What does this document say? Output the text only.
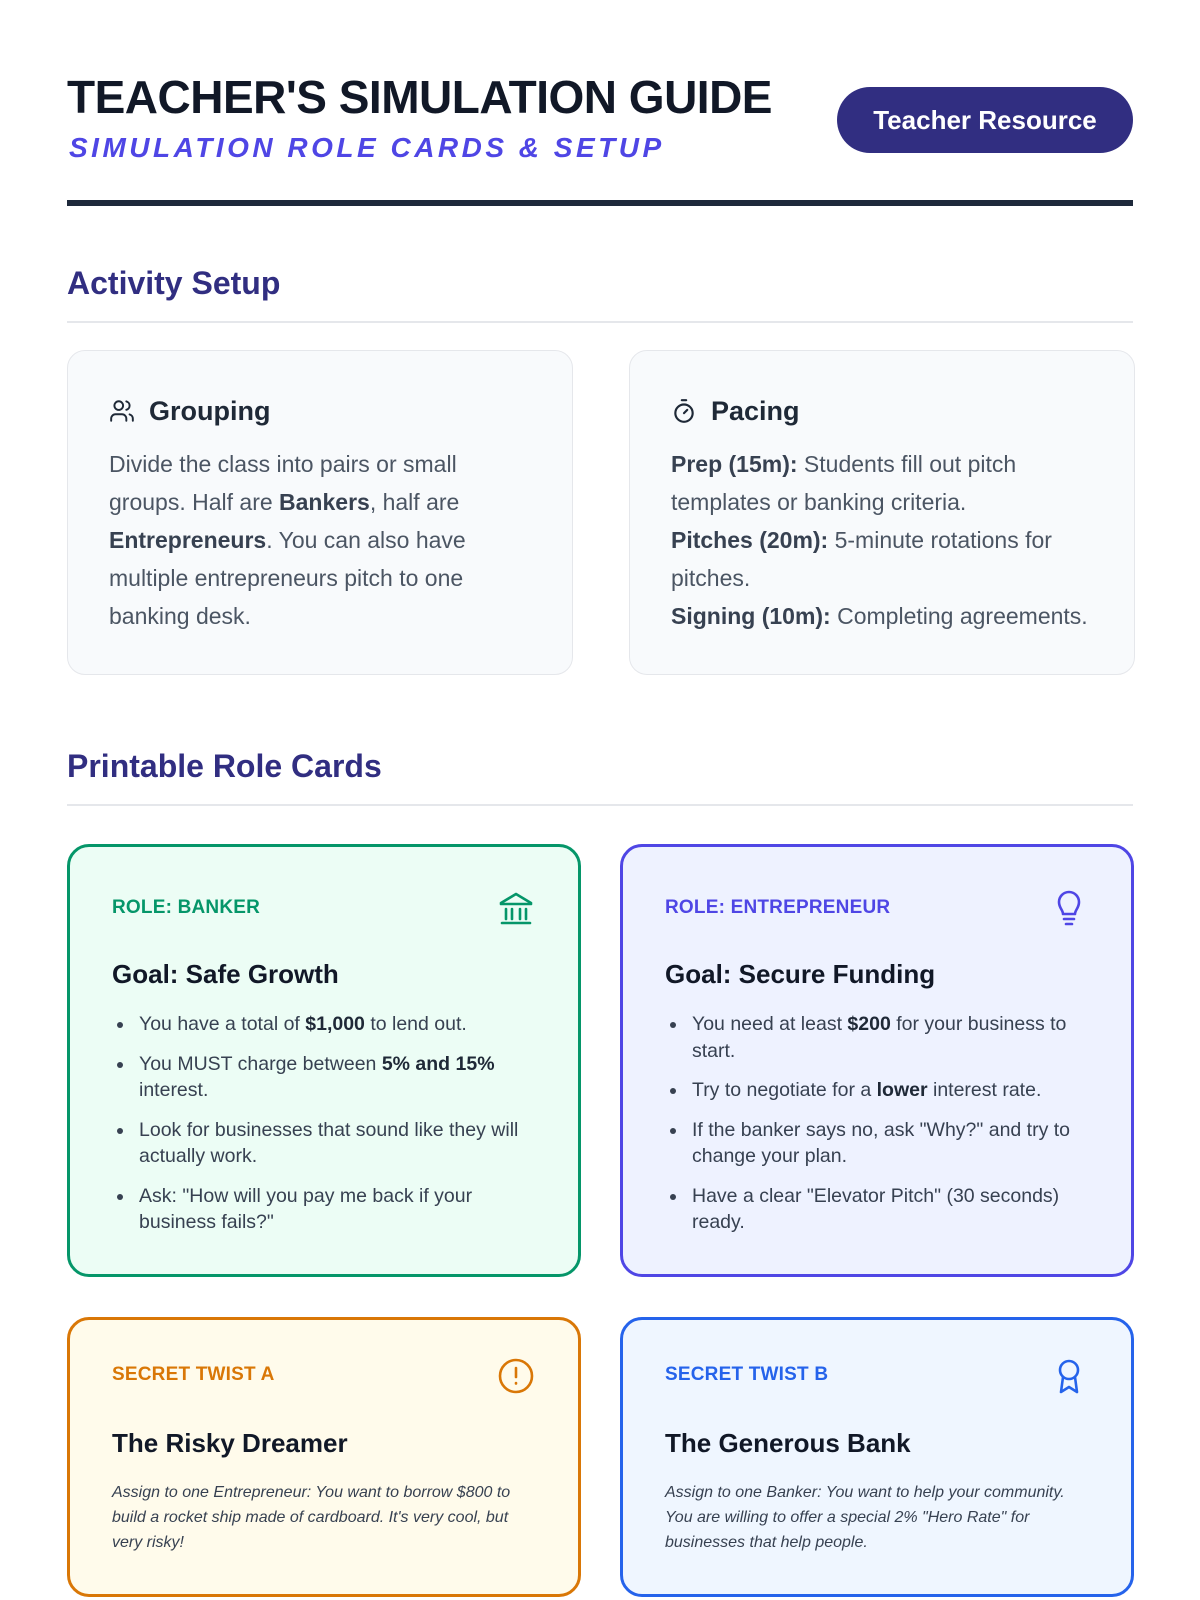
TEACHER'S SIMULATION GUIDE
SIMULATION ROLE CARDS & SETUP
Teacher Resource
Activity Setup
Grouping
Divide the class into pairs or small groups. Half are Bankers, half are Entrepreneurs. You can also have multiple entrepreneurs pitch to one banking desk.
Pacing
Prep (15m): Students fill out pitch templates or banking criteria.
Pitches (20m): 5-minute rotations for pitches.
Signing (10m): Completing agreements.
Printable Role Cards
ROLE: BANKER
Goal: Safe Growth
You have a total of $1,000 to lend out.
You MUST charge between 5% and 15% interest.
Look for businesses that sound like they will actually work.
Ask: "How will you pay me back if your business fails?"
ROLE: ENTREPRENEUR
Goal: Secure Funding
You need at least $200 for your business to start.
Try to negotiate for a lower interest rate.
If the banker says no, ask "Why?" and try to change your plan.
Have a clear "Elevator Pitch" (30 seconds) ready.
SECRET TWIST A
The Risky Dreamer
Assign to one Entrepreneur: You want to borrow $800 to build a rocket ship made of cardboard. It's very cool, but very risky!
SECRET TWIST B
The Generous Bank
Assign to one Banker: You want to help your community. You are willing to offer a special 2% "Hero Rate" for businesses that help people.
